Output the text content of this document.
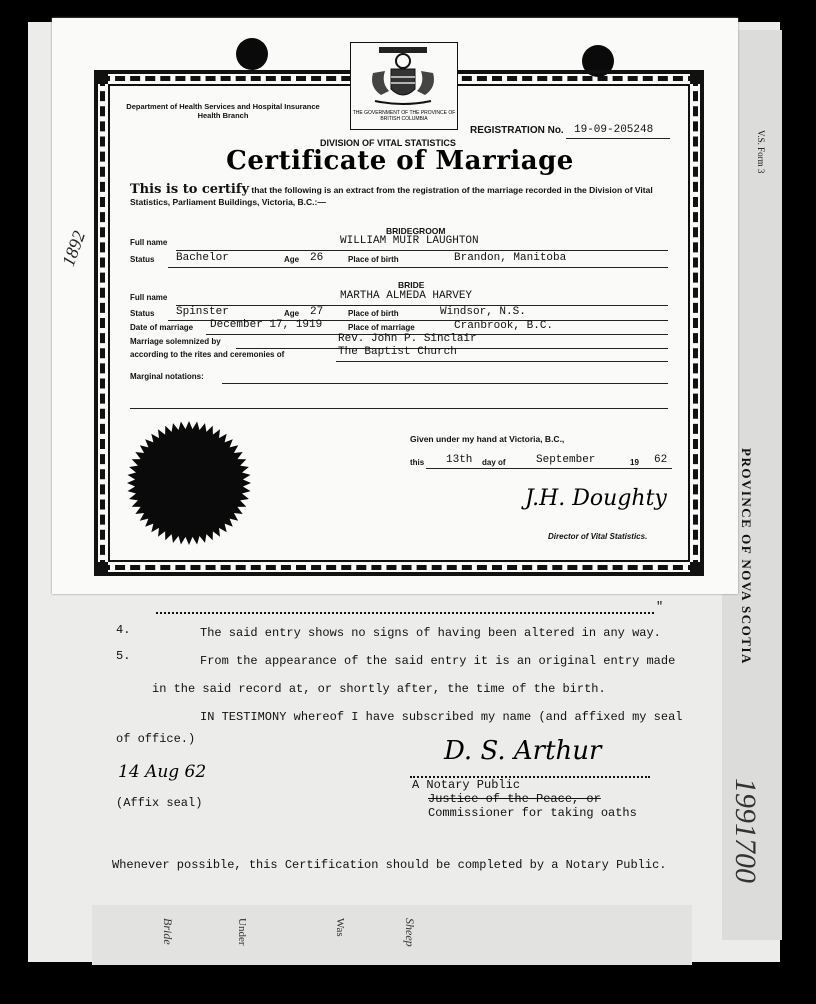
PROVINCE OF NOVA SCOTIA
V.S. Form 3
1991700
THE GOVERNMENT OF THE PROVINCE OF BRITISH COLUMBIA
Department of Health Services and Hospital Insurance
Health Branch
DIVISION OF VITAL STATISTICS
REGISTRATION No. 19-09-205248
Certificate of Marriage
This is to certify that the following is an extract from the registration of the marriage recorded in the Division of Vital Statistics, Parliament Buildings, Victoria, B.C.:—
BRIDEGROOM
Full name	WILLIAM MUIR LAUGHTON
Status Bachelor	Age 26	Place of birth	Brandon, Manitoba
BRIDE
Full name	MARTHA ALMEDA HARVEY
Status Spinster	Age 27	Place of birth	Windsor, N.S.
Date of marriage December 17, 1919	Place of marriage	Cranbrook, B.C.
Marriage solemnized by	Rev. John P. Sinclair
according to the rites and ceremonies of	The Baptist Church
Marginal notations:
Given under my hand at Victoria, B.C.,
this 13th day of	September	19 62
J.H. Doughty
Director of Vital Statistics.
1892
"
4.	The said entry shows no signs of having been altered in any way.
5.	From the appearance of the said entry it is an original entry made
in the said record at, or shortly after, the time of the birth.
IN TESTIMONY whereof I have subscribed my name (and affixed my seal
of office.)	D. S. Arthur
14 Aug 62
(Affix seal)
A Notary Public
Justice of the Peace, or
Commissioner for taking oaths
Whenever possible, this Certification should be completed by a Notary Public.
Bride	Under	Was	Sheep
